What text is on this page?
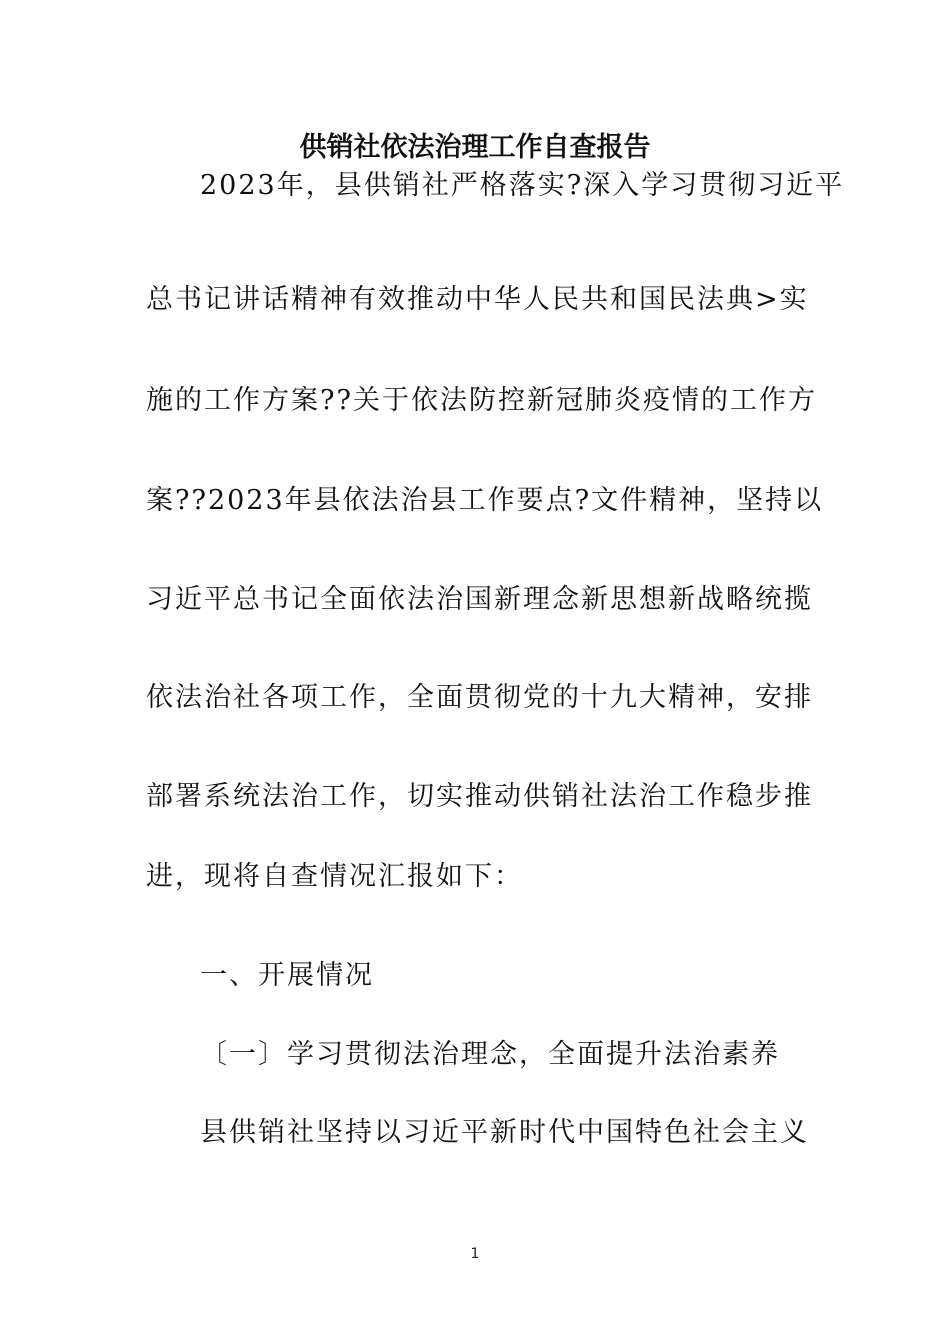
供销社依法治理工作自查报告
2023年，县供销社严格落实?深入学习贯彻习近平
总书记讲话精神有效推动中华人民共和国民法典>实
施的工作方案??关于依法防控新冠肺炎疫情的工作方
案??2023年县依法治县工作要点?文件精神，坚持以
习近平总书记全面依法治国新理念新思想新战略统揽
依法治社各项工作，全面贯彻党的十九大精神，安排
部署系统法治工作，切实推动供销社法治工作稳步推
进，现将自查情况汇报如下：
一、开展情况
〔一〕学习贯彻法治理念，全面提升法治素养
县供销社坚持以习近平新时代中国特色社会主义
1
